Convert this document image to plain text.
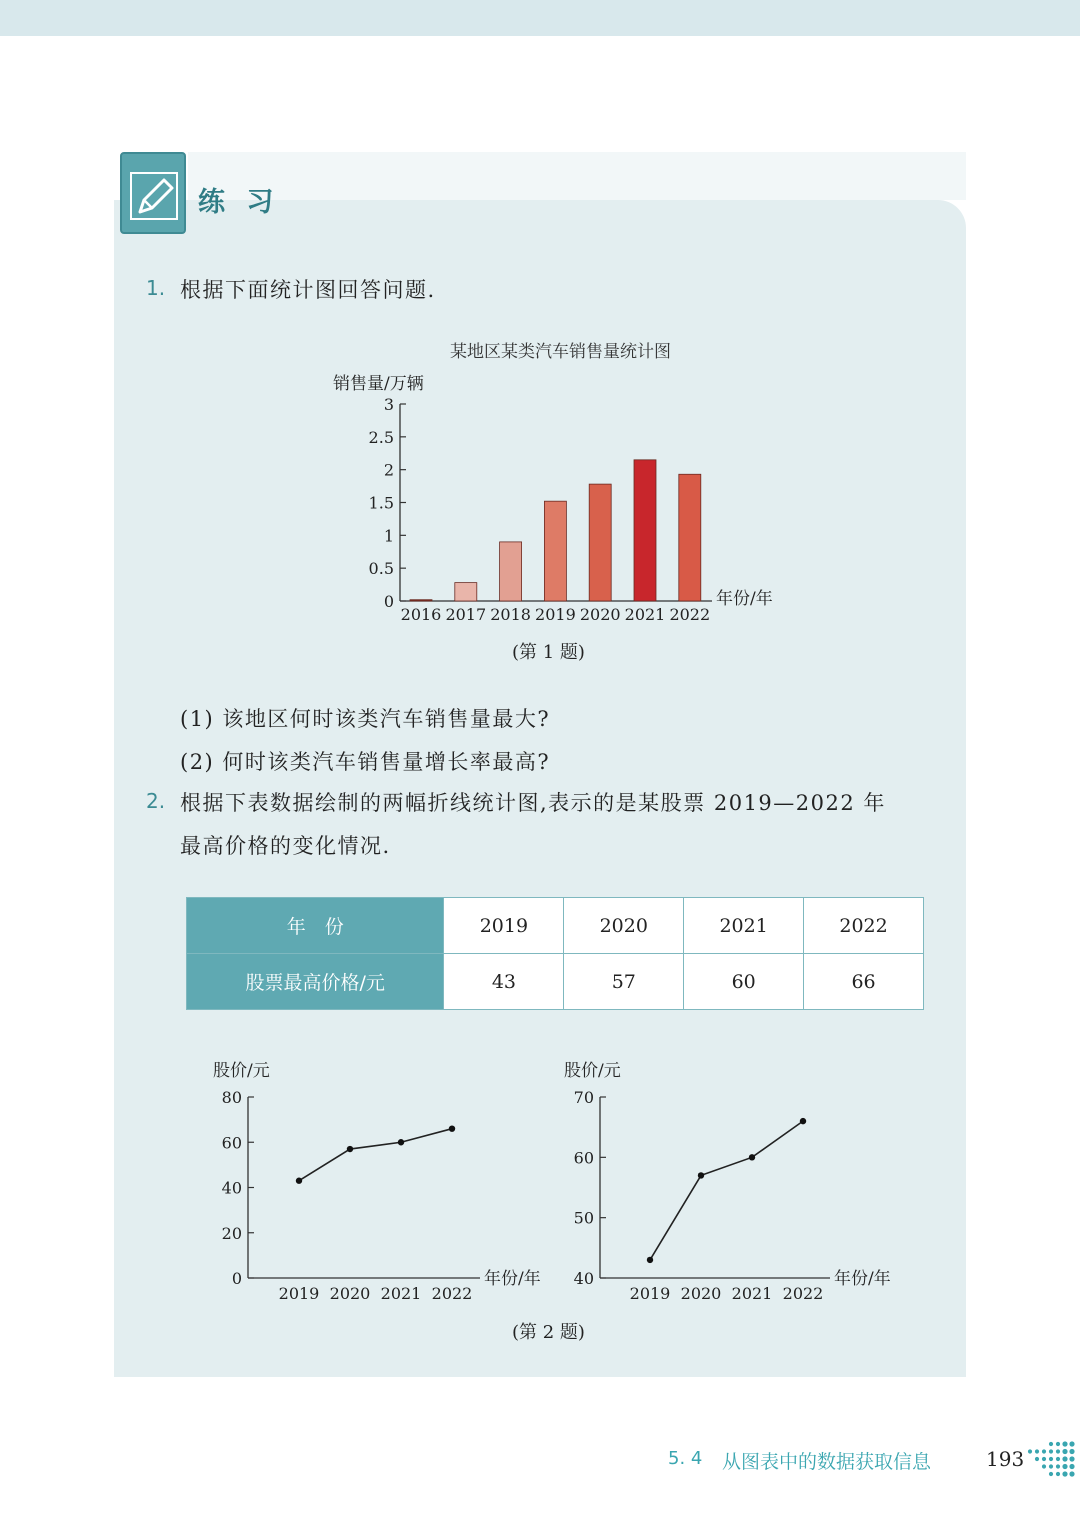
练 习
1. 根据下面统计图回答问题.
某地区某类汽车销售量统计图
销售量/万辆
年份/年
0
0.5
1
1.5
2
2.5
3
2016 2017 2018 2019 2020 2021 2022
(第 1 题)
(1) 该地区何时该类汽车销售量最大?
(2) 何时该类汽车销售量增长率最高?
2. 根据下表数据绘制的两幅折线统计图,表示的是某股票 2019—2022 年
最高价格的变化情况.
年　份	2019	2020	2021	2022
股票最高价格/元	43	57	60	66
股价/元
年份/年
0
20
40
60
80
2019 2020 2021 2022
股价/元
年份/年
40
50
60
70
2019 2020 2021 2022
(第 2 题)
5. 4 从图表中的数据获取信息	193
